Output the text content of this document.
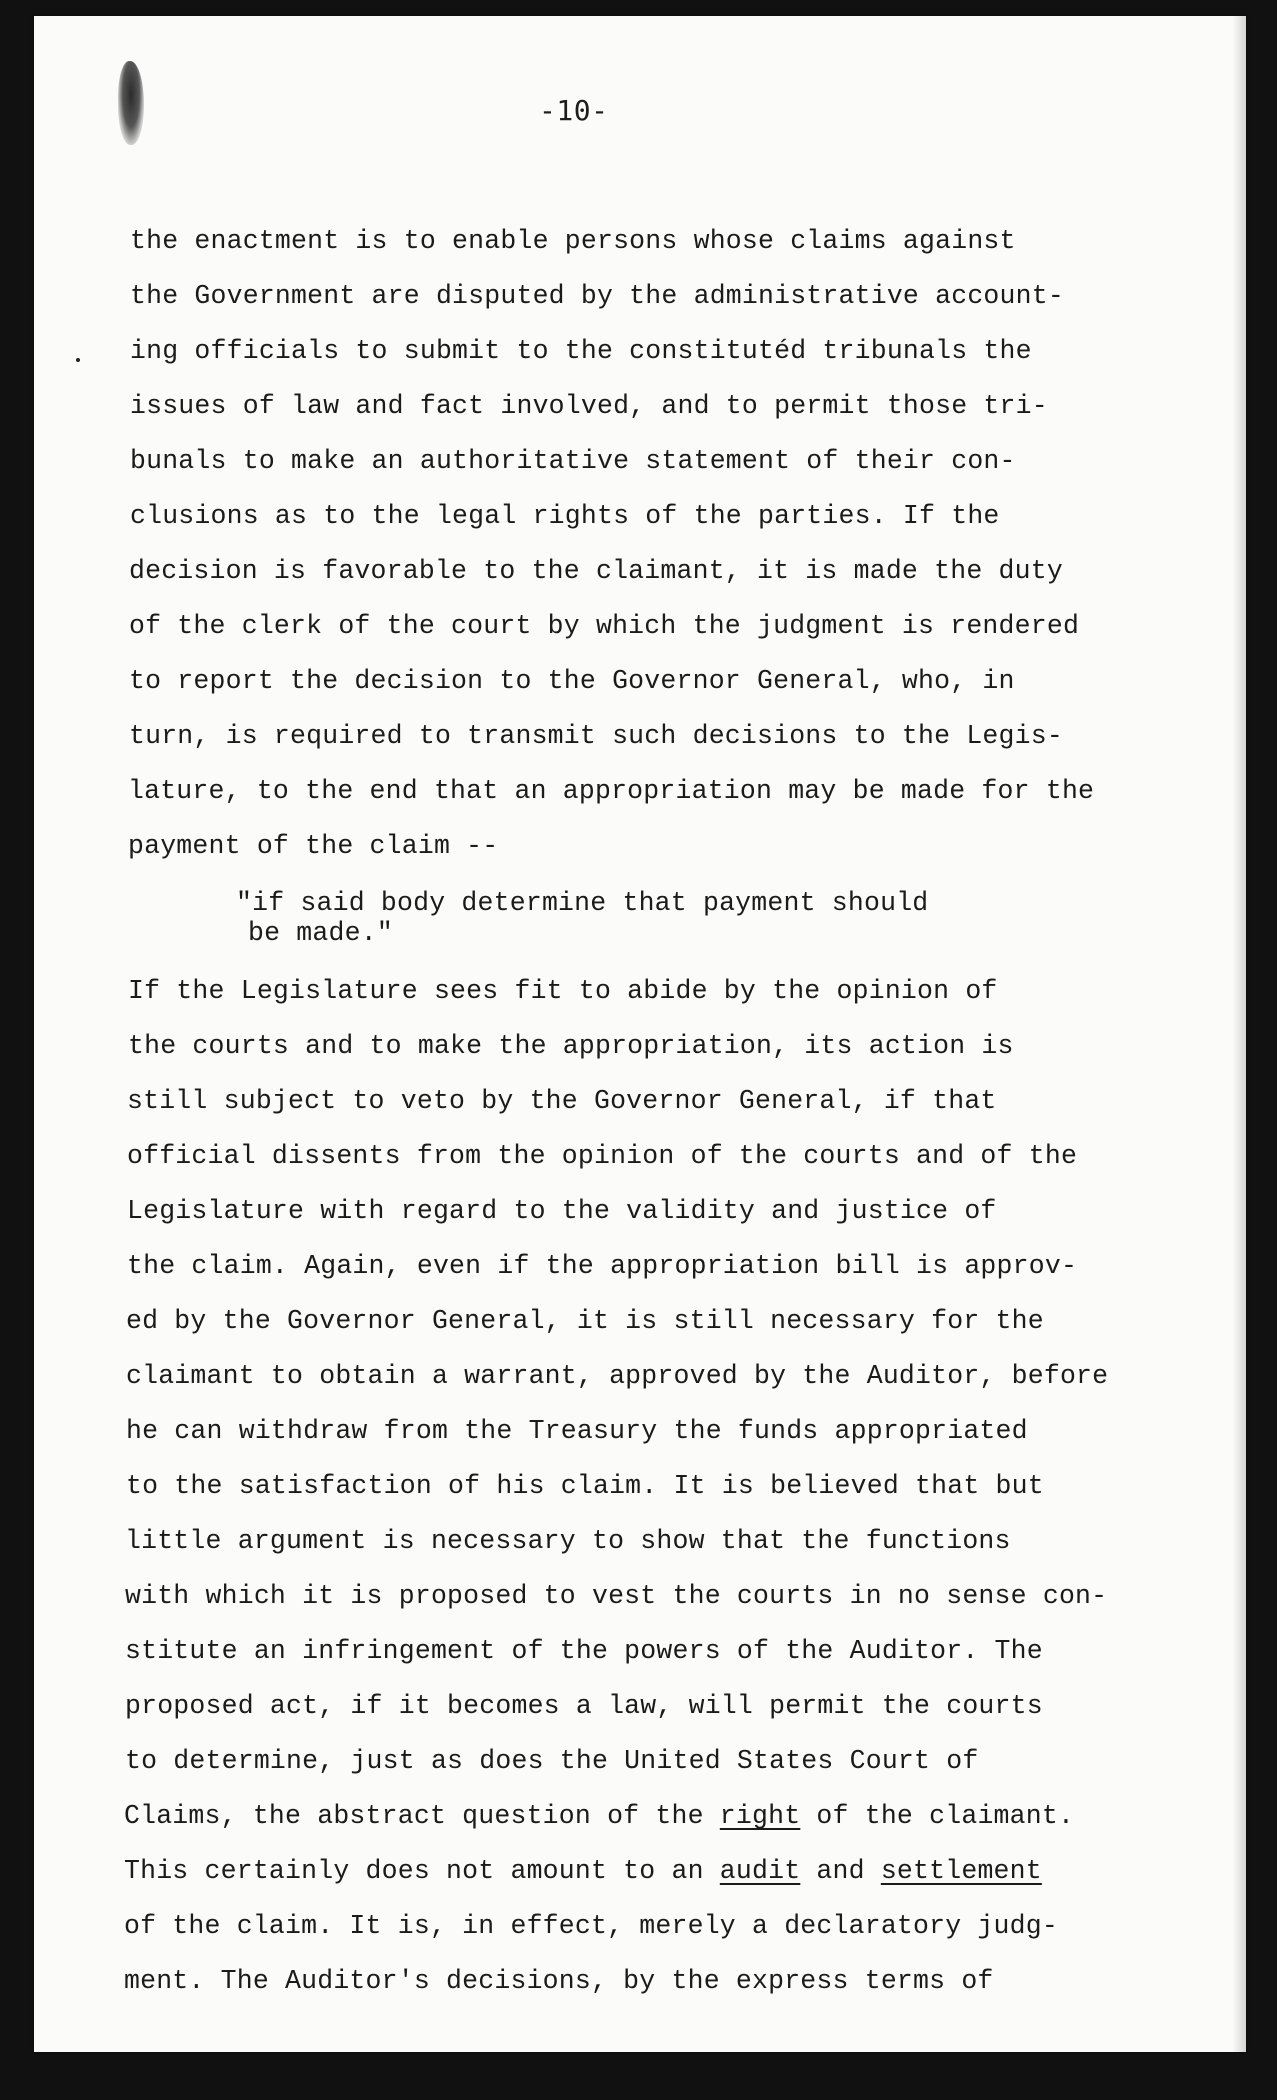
-10-

the enactment is to enable persons whose claims against

the Government are disputed by the administrative account-

ing officials to submit to the constitutéd tribunals the

issues of law and fact involved, and to permit those tri-

bunals to make an authoritative statement of their con-

clusions as to the legal rights of the parties. If the

decision is favorable to the claimant, it is made the duty

of the clerk of the court by which the judgment is rendered

to report the decision to the Governor General, who, in

turn, is required to transmit such decisions to the Legis-

lature, to the end that an appropriation may be made for the

payment of the claim --

"if said body determine that payment should

be made."

If the Legislature sees fit to abide by the opinion of

the courts and to make the appropriation, its action is

still subject to veto by the Governor General, if that

official dissents from the opinion of the courts and of the

Legislature with regard to the validity and justice of

the claim. Again, even if the appropriation bill is approv-

ed by the Governor General, it is still necessary for the

claimant to obtain a warrant, approved by the Auditor, before

he can withdraw from the Treasury the funds appropriated

to the satisfaction of his claim. It is believed that but

little argument is necessary to show that the functions

with which it is proposed to vest the courts in no sense con-

stitute an infringement of the powers of the Auditor. The

proposed act, if it becomes a law, will permit the courts

to determine, just as does the United States Court of

Claims, the abstract question of the right of the claimant.

This certainly does not amount to an audit and settlement

of the claim. It is, in effect, merely a declaratory judg-

ment. The Auditor's decisions, by the express terms of
